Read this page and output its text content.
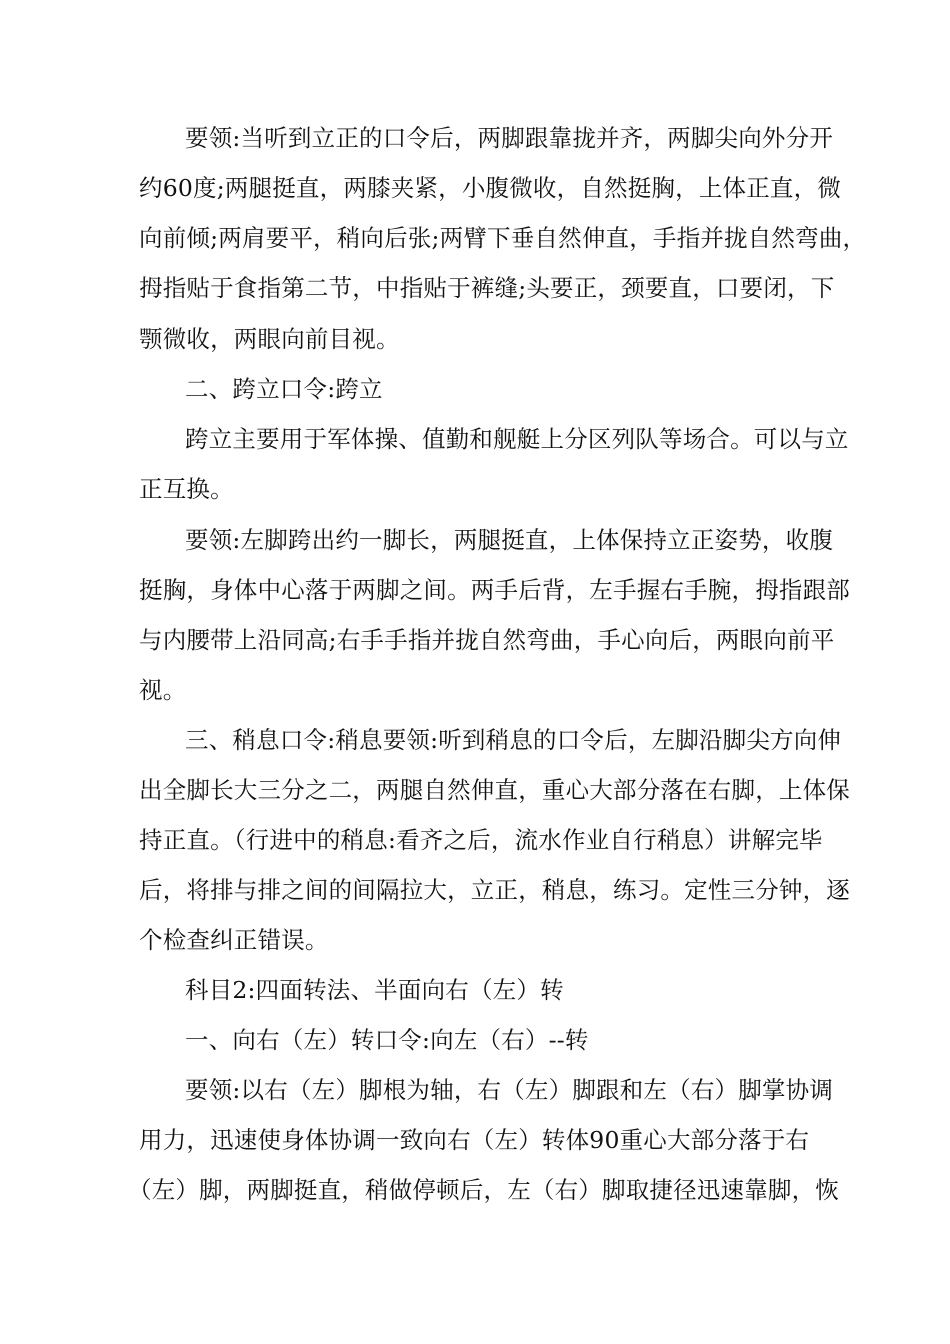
要领:当听到立正的口令后，两脚跟靠拢并齐，两脚尖向外分开
约60度;两腿挺直，两膝夹紧，小腹微收，自然挺胸，上体正直，微
向前倾;两肩要平，稍向后张;两臂下垂自然伸直，手指并拢自然弯曲，
拇指贴于食指第二节，中指贴于裤缝;头要正，颈要直，口要闭，下
颚微收，两眼向前目视。
二、跨立口令:跨立
跨立主要用于军体操、值勤和舰艇上分区列队等场合。可以与立
正互换。
要领:左脚跨出约一脚长，两腿挺直，上体保持立正姿势，收腹
挺胸，身体中心落于两脚之间。两手后背，左手握右手腕，拇指跟部
与内腰带上沿同高;右手手指并拢自然弯曲，手心向后，两眼向前平
视。
三、稍息口令:稍息要领:听到稍息的口令后，左脚沿脚尖方向伸
出全脚长大三分之二，两腿自然伸直，重心大部分落在右脚，上体保
持正直。（行进中的稍息:看齐之后，流水作业自行稍息）讲解完毕
后，将排与排之间的间隔拉大，立正，稍息，练习。定性三分钟，逐
个检查纠正错误。
科目2:四面转法、半面向右（左）转
一、向右（左）转口令:向左（右）--转
要领:以右（左）脚根为轴，右（左）脚跟和左（右）脚掌协调
用力，迅速使身体协调一致向右（左）转体90重心大部分落于右
（左）脚，两脚挺直，稍做停顿后，左（右）脚取捷径迅速靠脚，恢
